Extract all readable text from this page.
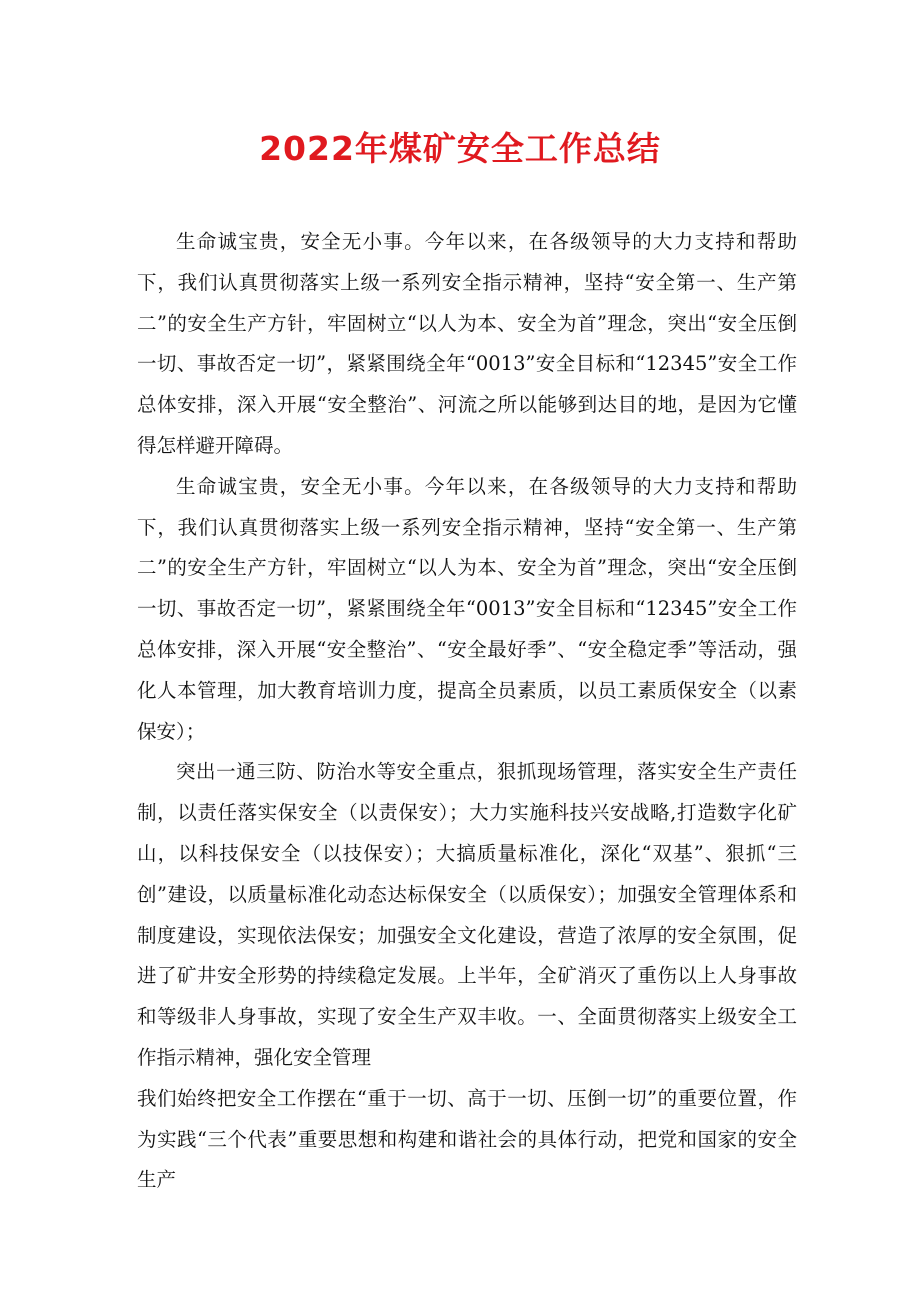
2022年煤矿安全工作总结

生命诚宝贵，安全无小事。今年以来，在各级领导的大力支持和帮助下，我们认真贯彻落实上级一系列安全指示精神，坚持“安全第一、生产第二”的安全生产方针，牢固树立“以人为本、安全为首”理念，突出“安全压倒一切、事故否定一切”，紧紧围绕全年“0013”安全目标和“12345”安全工作总体安排，深入开展“安全整治”、河流之所以能够到达目的地，是因为它懂得怎样避开障碍。

生命诚宝贵，安全无小事。今年以来，在各级领导的大力支持和帮助下，我们认真贯彻落实上级一系列安全指示精神，坚持“安全第一、生产第二”的安全生产方针，牢固树立“以人为本、安全为首”理念，突出“安全压倒一切、事故否定一切”，紧紧围绕全年“0013”安全目标和“12345”安全工作总体安排，深入开展“安全整治”、“安全最好季”、“安全稳定季”等活动，强化人本管理，加大教育培训力度，提高全员素质，以员工素质保安全（以素保安）；

突出一通三防、防治水等安全重点，狠抓现场管理，落实安全生产责任制，以责任落实保安全（以责保安）；大力实施科技兴安战略,打造数字化矿山，以科技保安全（以技保安）；大搞质量标准化，深化“双基”、狠抓“三创”建设，以质量标准化动态达标保安全（以质保安）；加强安全管理体系和制度建设，实现依法保安；加强安全文化建设，营造了浓厚的安全氛围，促进了矿井安全形势的持续稳定发展。上半年，全矿消灭了重伤以上人身事故和等级非人身事故，实现了安全生产双丰收。一、全面贯彻落实上级安全工作指示精神，强化安全管理

我们始终把安全工作摆在“重于一切、高于一切、压倒一切”的重要位置，作为实践“三个代表”重要思想和构建和谐社会的具体行动，把党和国家的安全生产
